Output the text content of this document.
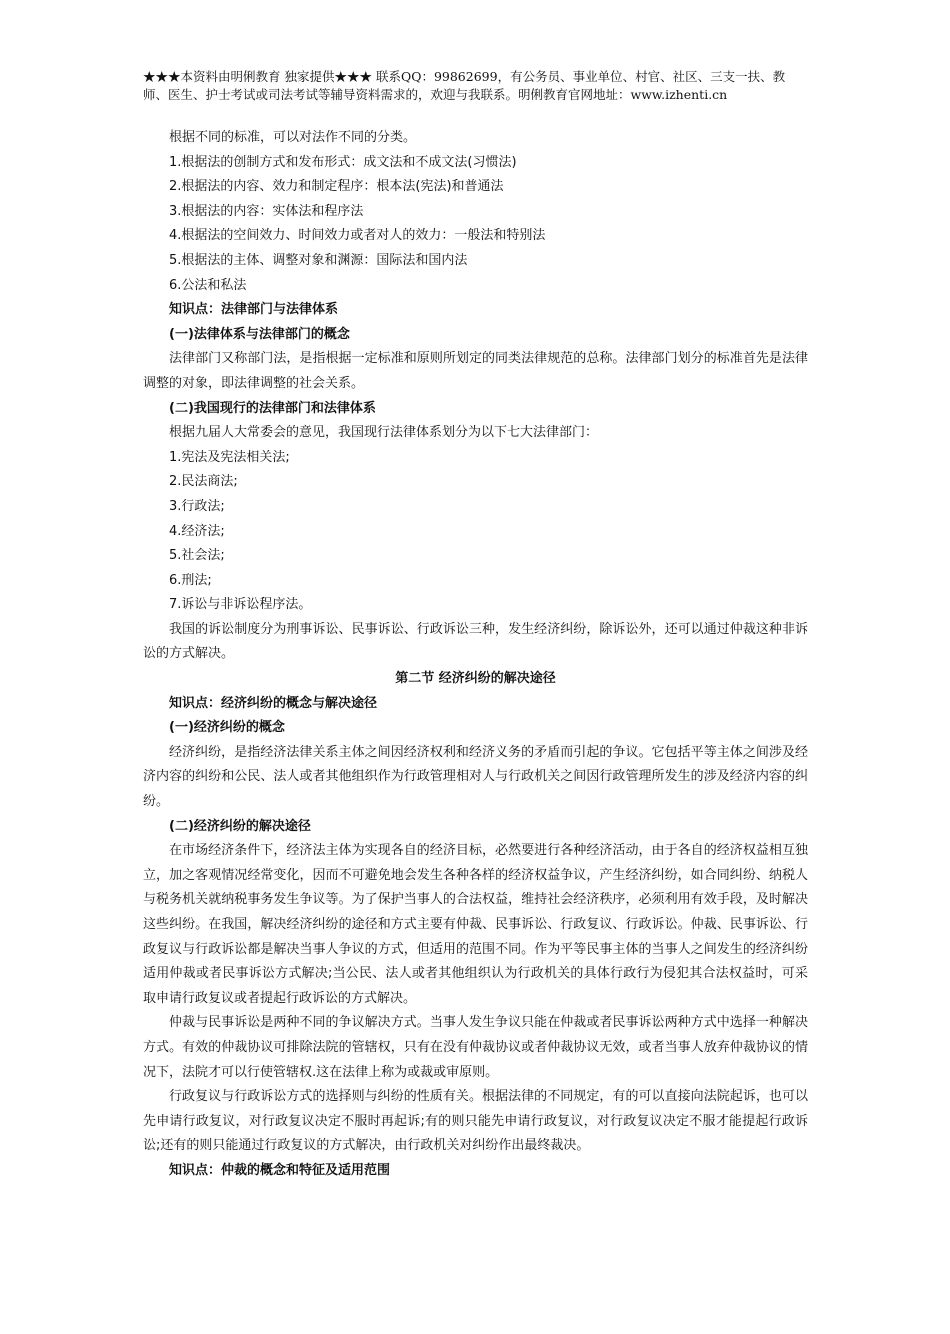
★★★本资料由明俐教育 独家提供★★★ 联系QQ：99862699，有公务员、事业单位、村官、社区、三支一扶、教师、医生、护士考试或司法考试等辅导资料需求的，欢迎与我联系。明俐教育官网地址：www.izhenti.cn

根据不同的标准，可以对法作不同的分类。

1.根据法的创制方式和发布形式：成文法和不成文法(习惯法)

2.根据法的内容、效力和制定程序：根本法(宪法)和普通法

3.根据法的内容：实体法和程序法

4.根据法的空间效力、时间效力或者对人的效力：一般法和特别法

5.根据法的主体、调整对象和渊源：国际法和国内法

6.公法和私法

知识点：法律部门与法律体系

(一)法律体系与法律部门的概念

法律部门又称部门法，是指根据一定标准和原则所划定的同类法律规范的总称。法律部门划分的标准首先是法律调整的对象，即法律调整的社会关系。

(二)我国现行的法律部门和法律体系

根据九届人大常委会的意见，我国现行法律体系划分为以下七大法律部门：

1.宪法及宪法相关法;

2.民法商法;

3.行政法;

4.经济法;

5.社会法;

6.刑法;

7.诉讼与非诉讼程序法。

我国的诉讼制度分为刑事诉讼、民事诉讼、行政诉讼三种，发生经济纠纷，除诉讼外，还可以通过仲裁这种非诉讼的方式解决。

第二节 经济纠纷的解决途径

知识点：经济纠纷的概念与解决途径

(一)经济纠纷的概念

经济纠纷，是指经济法律关系主体之间因经济权利和经济义务的矛盾而引起的争议。它包括平等主体之间涉及经济内容的纠纷和公民、法人或者其他组织作为行政管理相对人与行政机关之间因行政管理所发生的涉及经济内容的纠纷。

(二)经济纠纷的解决途径

在市场经济条件下，经济法主体为实现各自的经济目标，必然要进行各种经济活动，由于各自的经济权益相互独立，加之客观情况经常变化，因而不可避免地会发生各种各样的经济权益争议，产生经济纠纷，如合同纠纷、纳税人与税务机关就纳税事务发生争议等。为了保护当事人的合法权益，维持社会经济秩序，必须利用有效手段，及时解决这些纠纷。在我国，解决经济纠纷的途径和方式主要有仲裁、民事诉讼、行政复议、行政诉讼。仲裁、民事诉讼、行政复议与行政诉讼都是解决当事人争议的方式，但适用的范围不同。作为平等民事主体的当事人之间发生的经济纠纷适用仲裁或者民事诉讼方式解决;当公民、法人或者其他组织认为行政机关的具体行政行为侵犯其合法权益时，可采取申请行政复议或者提起行政诉讼的方式解决。

仲裁与民事诉讼是两种不同的争议解决方式。当事人发生争议只能在仲裁或者民事诉讼两种方式中选择一种解决方式。有效的仲裁协议可排除法院的管辖权，只有在没有仲裁协议或者仲裁协议无效，或者当事人放弃仲裁协议的情况下，法院才可以行使管辖权.这在法律上称为或裁或审原则。

行政复议与行政诉讼方式的选择则与纠纷的性质有关。根据法律的不同规定，有的可以直接向法院起诉，也可以先申请行政复议，对行政复议决定不服时再起诉;有的则只能先申请行政复议，对行政复议决定不服才能提起行政诉讼;还有的则只能通过行政复议的方式解决，由行政机关对纠纷作出最终裁决。

知识点：仲裁的概念和特征及适用范围
